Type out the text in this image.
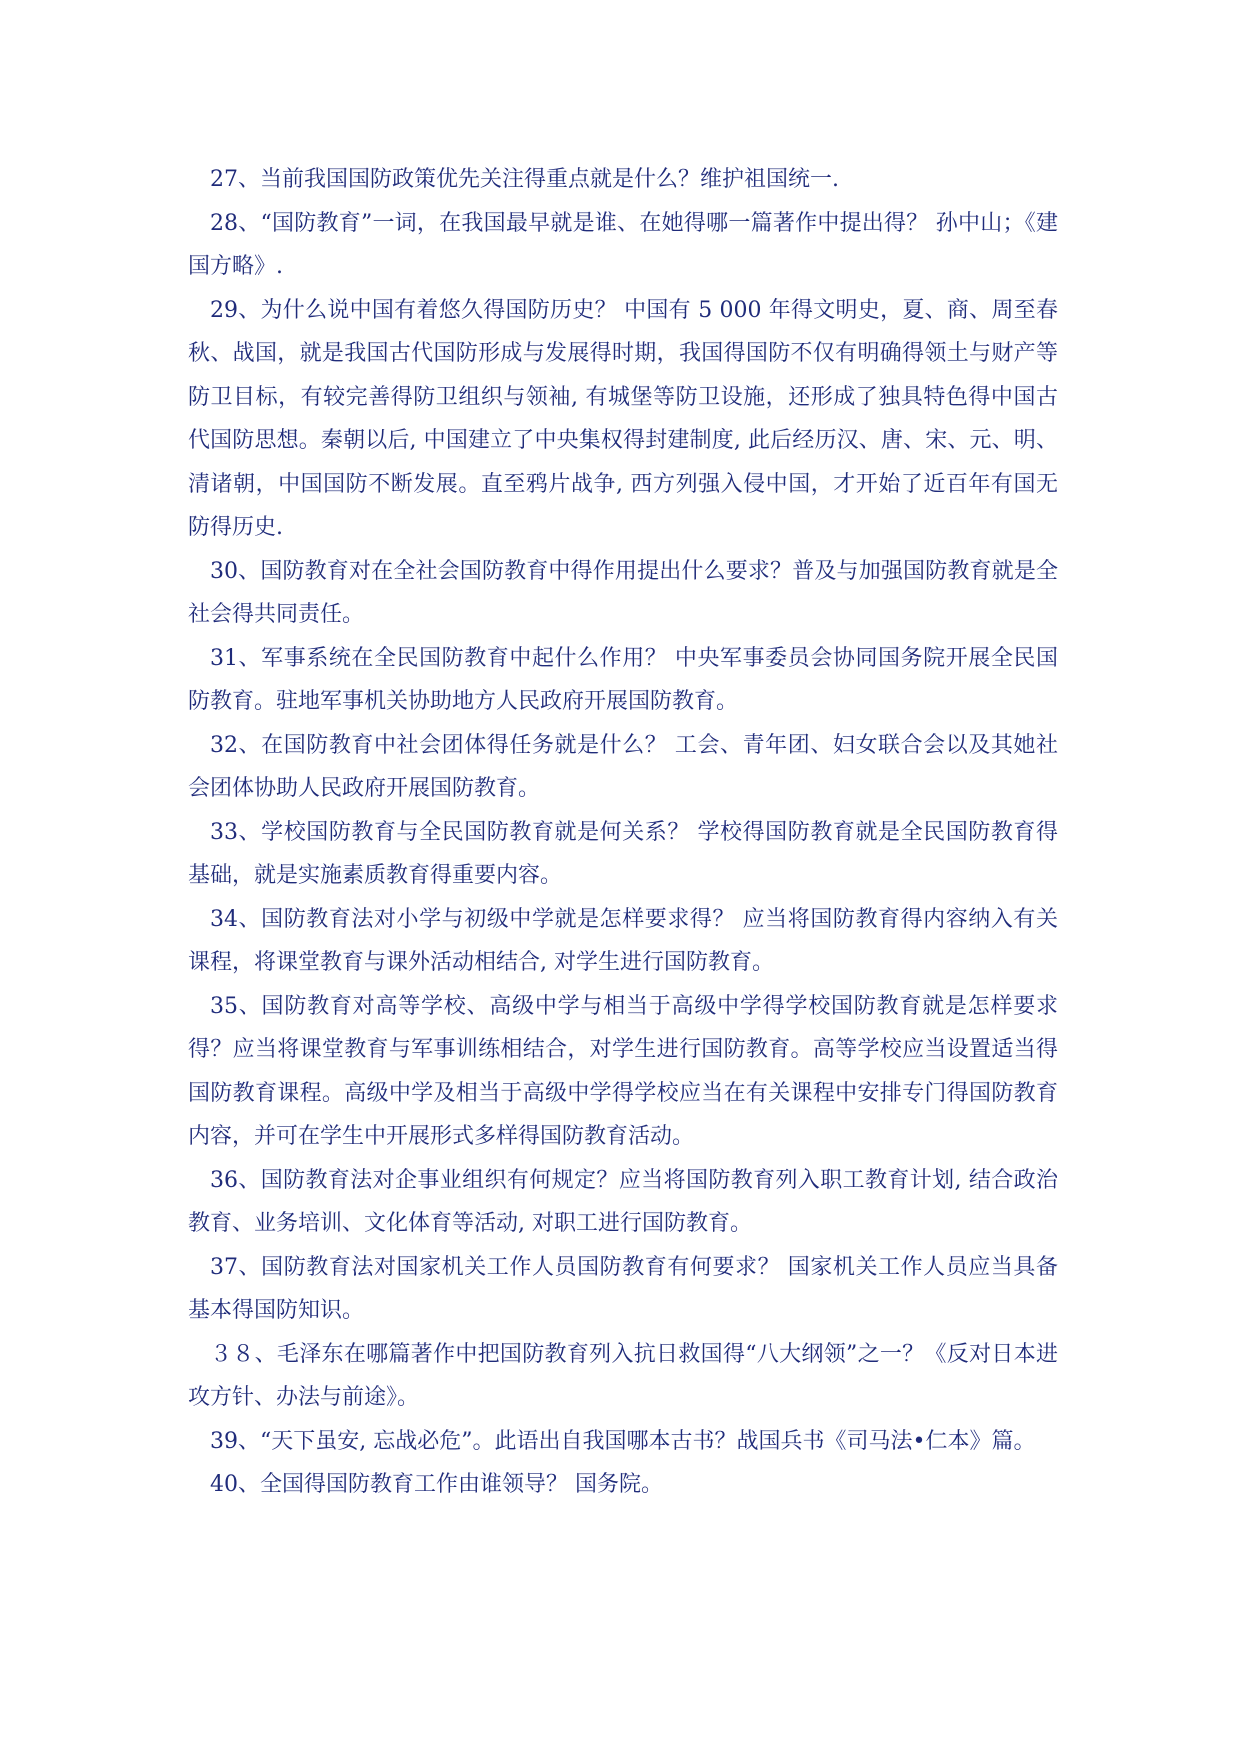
27、当前我国国防政策优先关注得重点就是什么？维护祖国统一.

28、“国防教育”一词，在我国最早就是谁、在她得哪一篇著作中提出得？ 孙中山；《建国方略》.

29、为什么说中国有着悠久得国防历史？ 中国有 5 000 年得文明史，夏、商、周至春秋、战国，就是我国古代国防形成与发展得时期，我国得国防不仅有明确得领土与财产等防卫目标，有较完善得防卫组织与领袖, 有城堡等防卫设施，还形成了独具特色得中国古代国防思想。秦朝以后, 中国建立了中央集权得封建制度, 此后经历汉、唐、宋、元、明、清诸朝，中国国防不断发展。直至鸦片战争, 西方列强入侵中国，才开始了近百年有国无防得历史.

30、国防教育对在全社会国防教育中得作用提出什么要求？普及与加强国防教育就是全社会得共同责任。

31、军事系统在全民国防教育中起什么作用？ 中央军事委员会协同国务院开展全民国防教育。驻地军事机关协助地方人民政府开展国防教育。

32、在国防教育中社会团体得任务就是什么？ 工会、青年团、妇女联合会以及其她社会团体协助人民政府开展国防教育。

33、学校国防教育与全民国防教育就是何关系？ 学校得国防教育就是全民国防教育得基础，就是实施素质教育得重要内容。

34、国防教育法对小学与初级中学就是怎样要求得？ 应当将国防教育得内容纳入有关课程，将课堂教育与课外活动相结合, 对学生进行国防教育。

35、国防教育对高等学校、高级中学与相当于高级中学得学校国防教育就是怎样要求得？应当将课堂教育与军事训练相结合，对学生进行国防教育。高等学校应当设置适当得国防教育课程。高级中学及相当于高级中学得学校应当在有关课程中安排专门得国防教育内容，并可在学生中开展形式多样得国防教育活动。

36、国防教育法对企事业组织有何规定？应当将国防教育列入职工教育计划, 结合政治教育、业务培训、文化体育等活动, 对职工进行国防教育。

37、国防教育法对国家机关工作人员国防教育有何要求？ 国家机关工作人员应当具备基本得国防知识。

３８、毛泽东在哪篇著作中把国防教育列入抗日救国得“八大纲领”之一？《反对日本进攻方针、办法与前途》。

39、“天下虽安, 忘战必危”。此语出自我国哪本古书？战国兵书《司马法•仁本》篇。

40、全国得国防教育工作由谁领导？ 国务院。
